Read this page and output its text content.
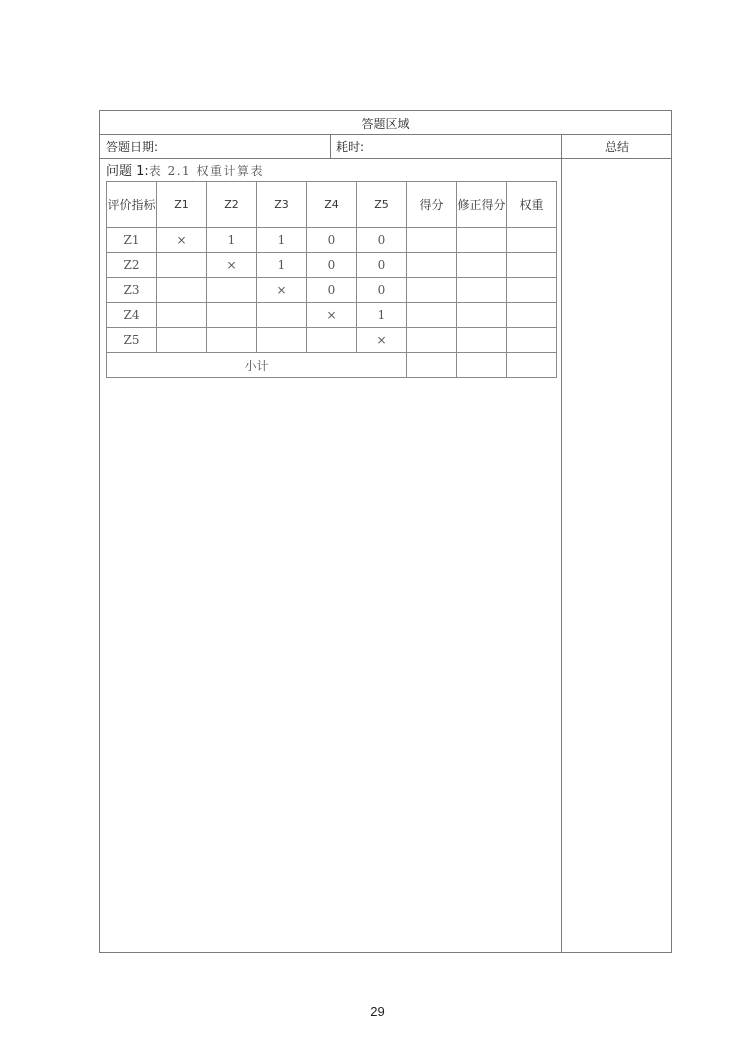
答题区域
答题日期:	耗时:	总结
问题 1:表 2.1 权重计算表
评价指标	Z1	Z2	Z3	Z4	Z5	得分	修正得分	权重
Z1	×	1	1	0	0			
Z2		×	1	0	0			
Z3			×	0	0			
Z4				×	1			
Z5					×			
小计								
29
